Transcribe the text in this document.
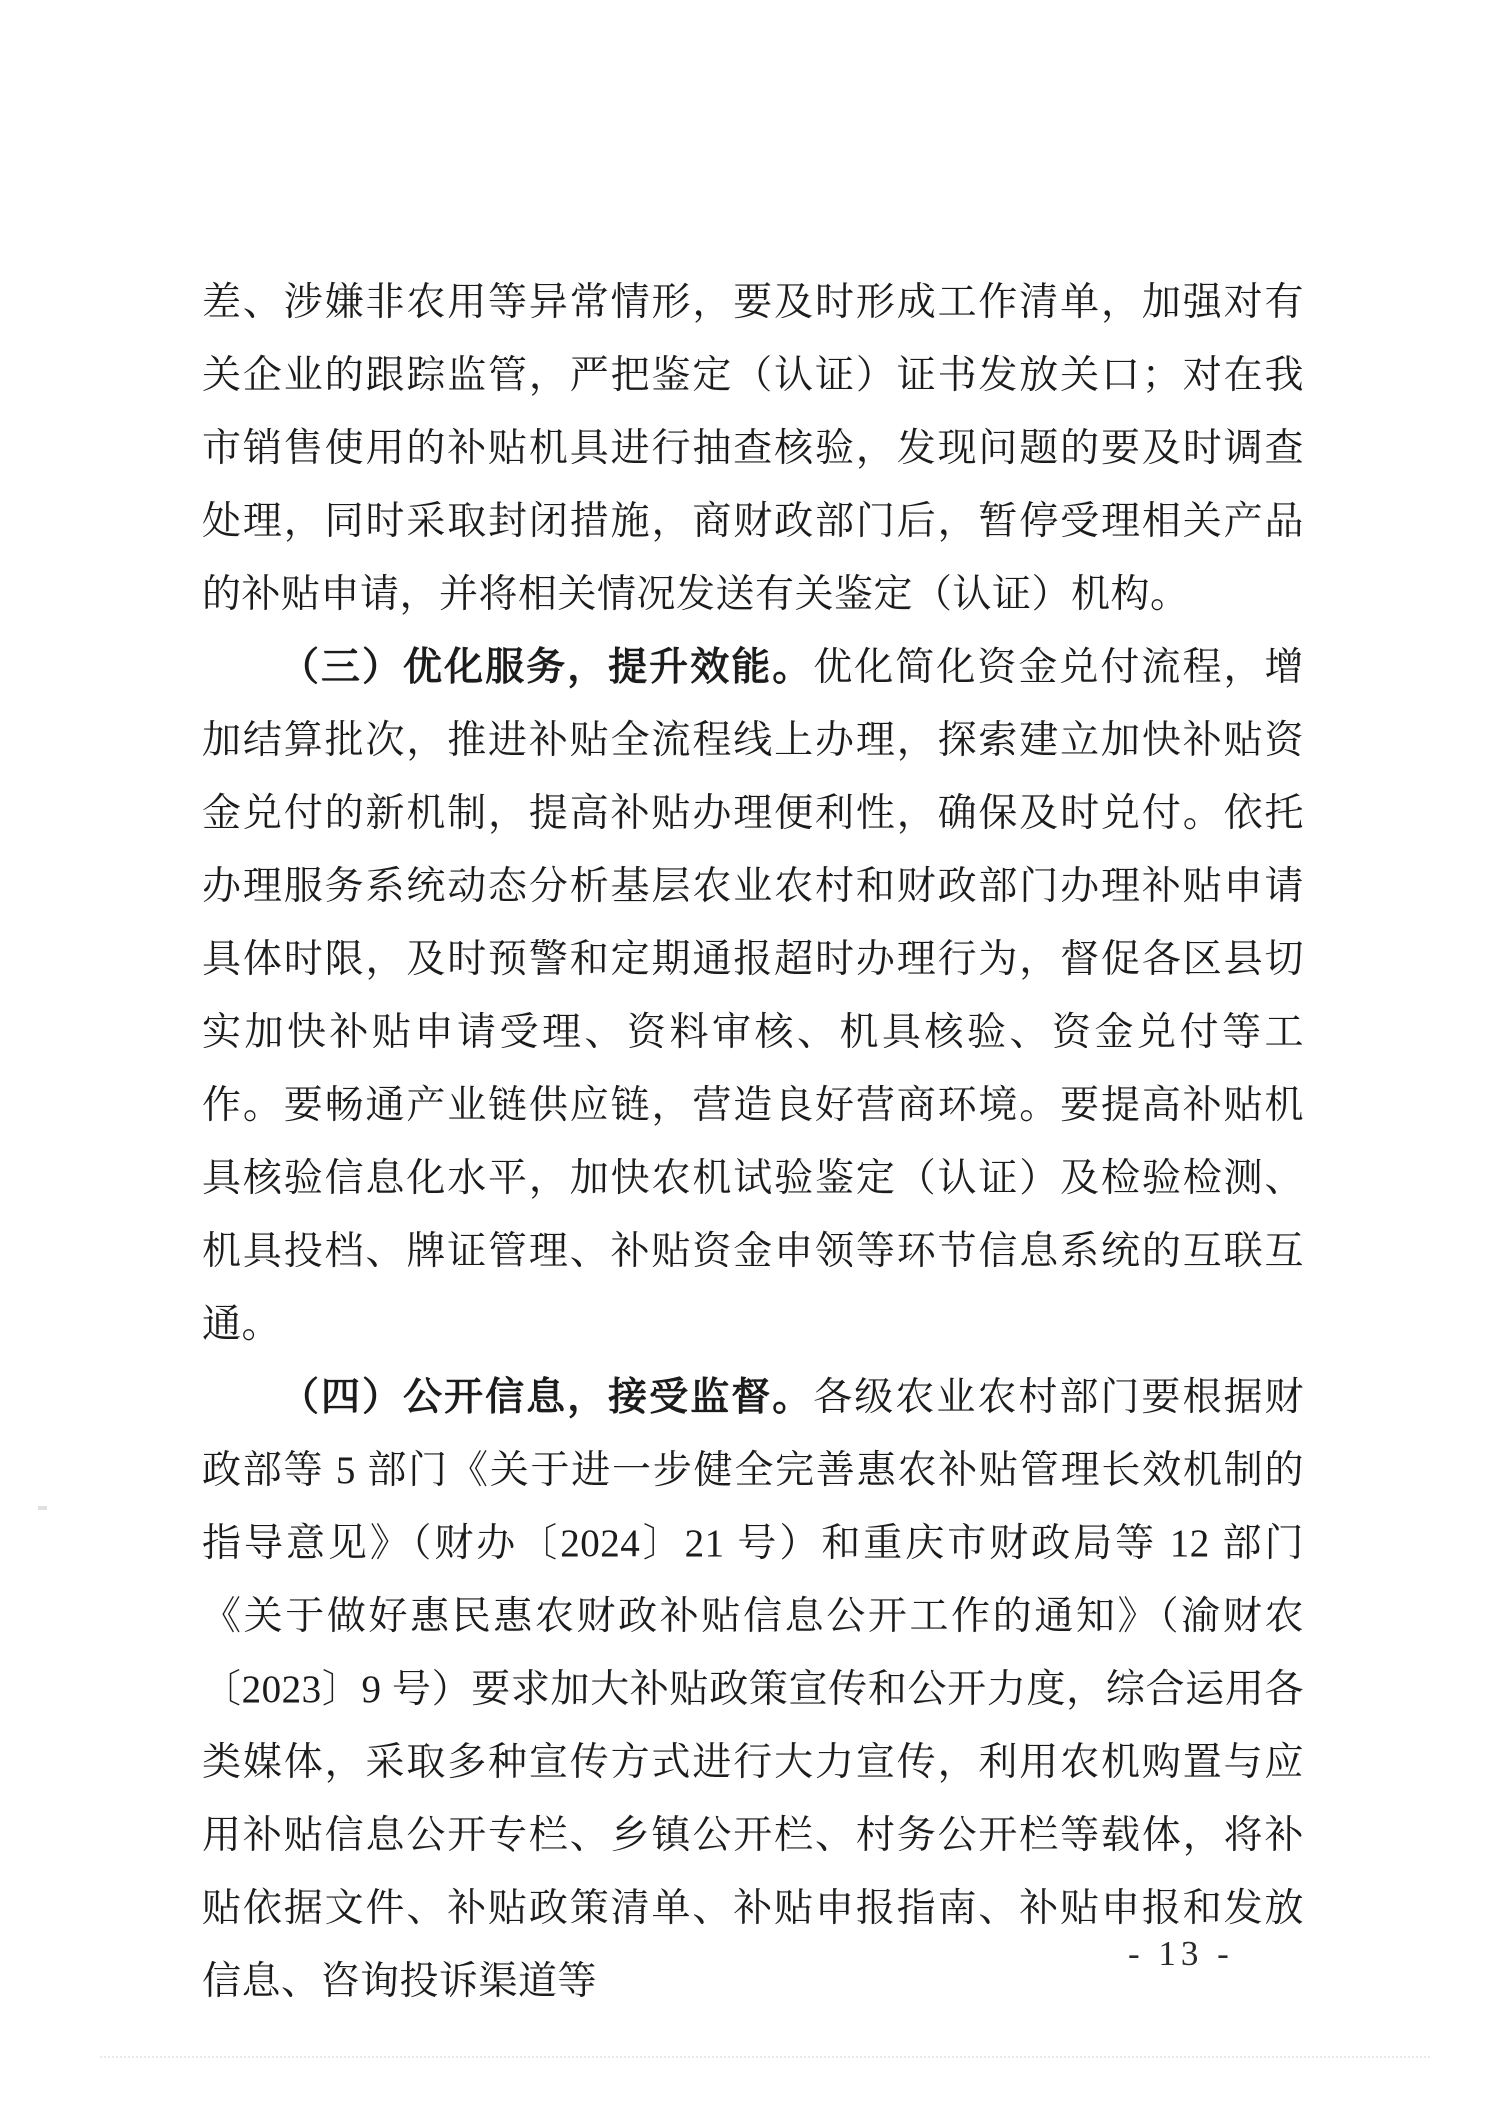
差、涉嫌非农用等异常情形，要及时形成工作清单，加强对有关企业的跟踪监管，严把鉴定（认证）证书发放关口；对在我市销售使用的补贴机具进行抽查核验，发现问题的要及时调查处理，同时采取封闭措施，商财政部门后，暂停受理相关产品的补贴申请，并将相关情况发送有关鉴定（认证）机构。

（三）优化服务，提升效能。优化简化资金兑付流程，增加结算批次，推进补贴全流程线上办理，探索建立加快补贴资金兑付的新机制，提高补贴办理便利性，确保及时兑付。依托办理服务系统动态分析基层农业农村和财政部门办理补贴申请具体时限，及时预警和定期通报超时办理行为，督促各区县切实加快补贴申请受理、资料审核、机具核验、资金兑付等工作。要畅通产业链供应链，营造良好营商环境。要提高补贴机具核验信息化水平，加快农机试验鉴定（认证）及检验检测、机具投档、牌证管理、补贴资金申领等环节信息系统的互联互通。

（四）公开信息，接受监督。各级农业农村部门要根据财政部等 5 部门《关于进一步健全完善惠农补贴管理长效机制的指导意见》（财办〔2024〕21 号）和重庆市财政局等 12 部门《关于做好惠民惠农财政补贴信息公开工作的通知》（渝财农〔2023〕9 号）要求加大补贴政策宣传和公开力度，综合运用各类媒体，采取多种宣传方式进行大力宣传，利用农机购置与应用补贴信息公开专栏、乡镇公开栏、村务公开栏等载体，将补贴依据文件、补贴政策清单、补贴申报指南、补贴申报和发放信息、咨询投诉渠道等

- 13 -
